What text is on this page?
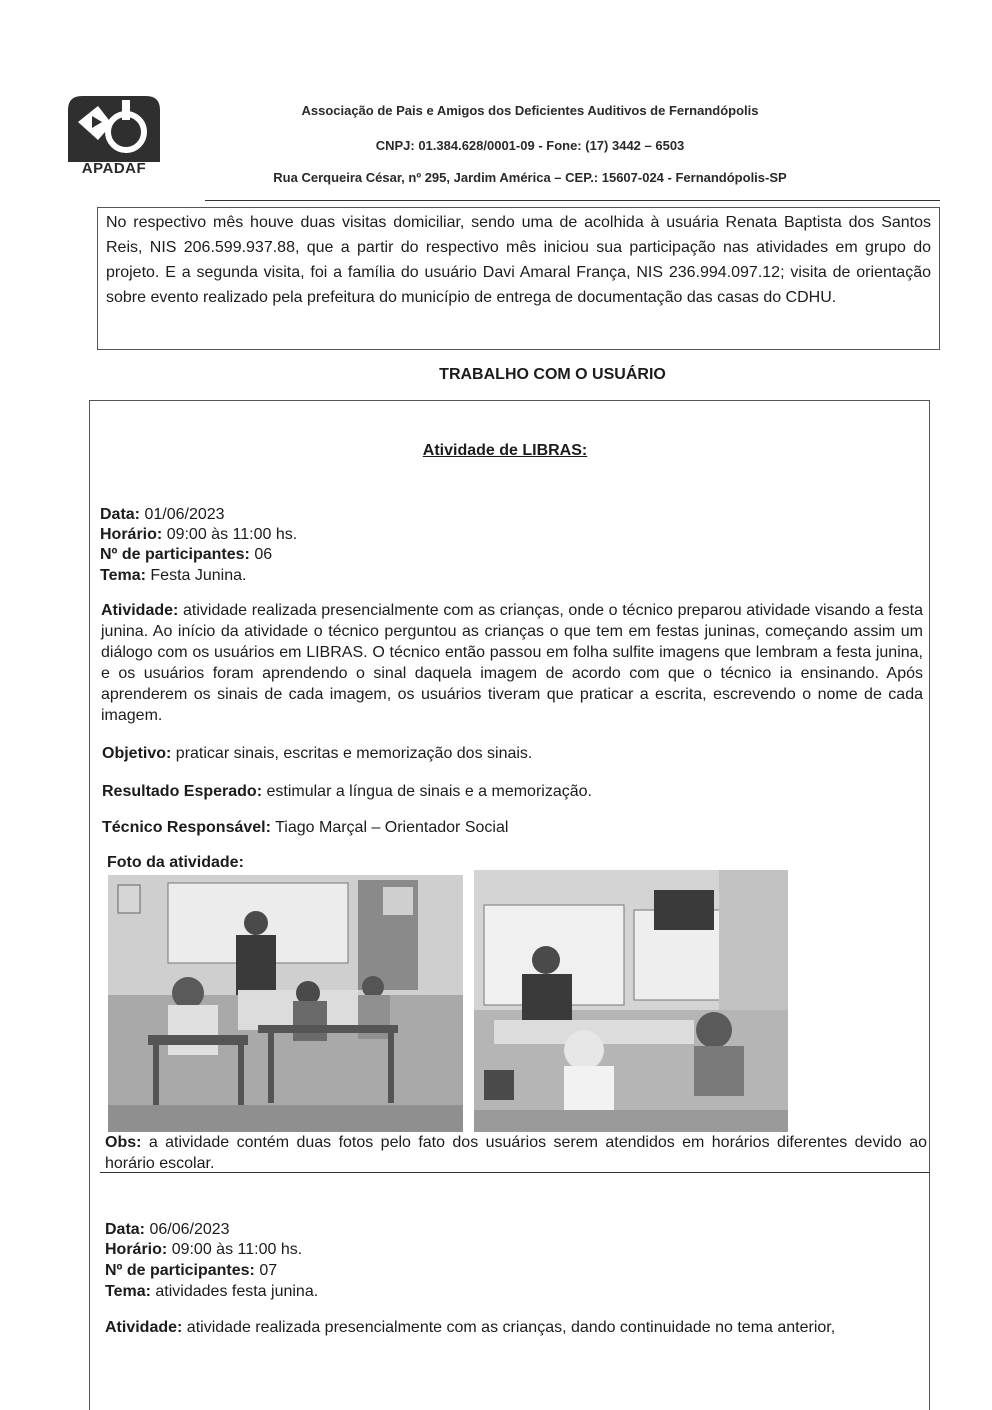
APADAF
Associação de Pais e Amigos dos Deficientes Auditivos de Fernandópolis
CNPJ: 01.384.628/0001-09 - Fone: (17) 3442 – 6503
Rua Cerqueira César, nº 295, Jardim América – CEP.: 15607-024 - Fernandópolis-SP

No respectivo mês houve duas visitas domiciliar, sendo uma de acolhida à usuária Renata Baptista dos Santos Reis, NIS 206.599.937.88, que a partir do respectivo mês iniciou sua participação nas atividades em grupo do projeto. E a segunda visita, foi a família do usuário Davi Amaral França, NIS 236.994.097.12; visita de orientação sobre evento realizado pela prefeitura do município de entrega de documentação das casas do CDHU.

TRABALHO COM O USUÁRIO
Atividade de LIBRAS:
Data: 01/06/2023
Horário: 09:00 às 11:00 hs.
Nº de participantes: 06
Tema: Festa Junina.
Atividade: atividade realizada presencialmente com as crianças, onde o técnico preparou atividade visando a festa junina. Ao início da atividade o técnico perguntou as crianças o que tem em festas juninas, começando assim um diálogo com os usuários em LIBRAS. O técnico então passou em folha sulfite imagens que lembram a festa junina, e os usuários foram aprendendo o sinal daquela imagem de acordo com que o técnico ia ensinando. Após aprenderem os sinais de cada imagem, os usuários tiveram que praticar a escrita, escrevendo o nome de cada imagem.
Objetivo: praticar sinais, escritas e memorização dos sinais.
Resultado Esperado: estimular a língua de sinais e a memorização.
Técnico Responsável: Tiago Marçal – Orientador Social
Foto da atividade:
Obs: a atividade contém duas fotos pelo fato dos usuários serem atendidos em horários diferentes devido ao horário escolar.
Data: 06/06/2023
Horário: 09:00 às 11:00 hs.
Nº de participantes: 07
Tema: atividades festa junina.
Atividade: atividade realizada presencialmente com as crianças, dando continuidade no tema anterior,
